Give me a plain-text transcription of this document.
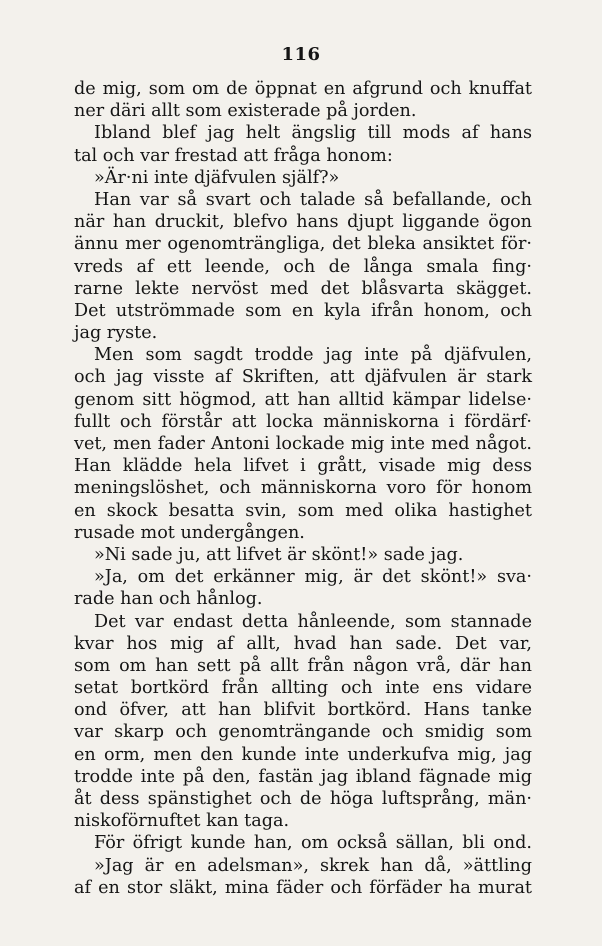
116
de mig, som om de öppnat en afgrund och knuffat
ner däri allt som existerade på jorden.
Ibland blef jag helt ängslig till mods af hans
tal och var frestad att fråga honom:
»Är·ni inte djäfvulen själf?»
Han var så svart och talade så befallande, och
när han druckit, blefvo hans djupt liggande ögon
ännu mer ogenomträngliga, det bleka ansiktet för·
vreds af ett leende, och de långa smala fing·
rarne lekte nervöst med det blåsvarta skägget.
Det utströmmade som en kyla ifrån honom, och
jag ryste.
Men som sagdt trodde jag inte på djäfvulen,
och jag visste af Skriften, att djäfvulen är stark
genom sitt högmod, att han alltid kämpar lidelse·
fullt och förstår att locka människorna i fördärf·
vet, men fader Antoni lockade mig inte med något.
Han klädde hela lifvet i grått, visade mig dess
meningslöshet, och människorna voro för honom
en skock besatta svin, som med olika hastighet
rusade mot undergången.
»Ni sade ju, att lifvet är skönt!» sade jag.
»Ja, om det erkänner mig, är det skönt!» sva·
rade han och hånlog.
Det var endast detta hånleende, som stannade
kvar hos mig af allt, hvad han sade. Det var,
som om han sett på allt från någon vrå, där han
setat bortkörd från allting och inte ens vidare
ond öfver, att han blifvit bortkörd. Hans tanke
var skarp och genomträngande och smidig som
en orm, men den kunde inte underkufva mig, jag
trodde inte på den, fastän jag ibland fägnade mig
åt dess spänstighet och de höga luftsprång, män·
niskoförnuftet kan taga.
För öfrigt kunde han, om också sällan, bli ond.
»Jag är en adelsman», skrek han då, »ättling
af en stor släkt, mina fäder och förfäder ha murat
